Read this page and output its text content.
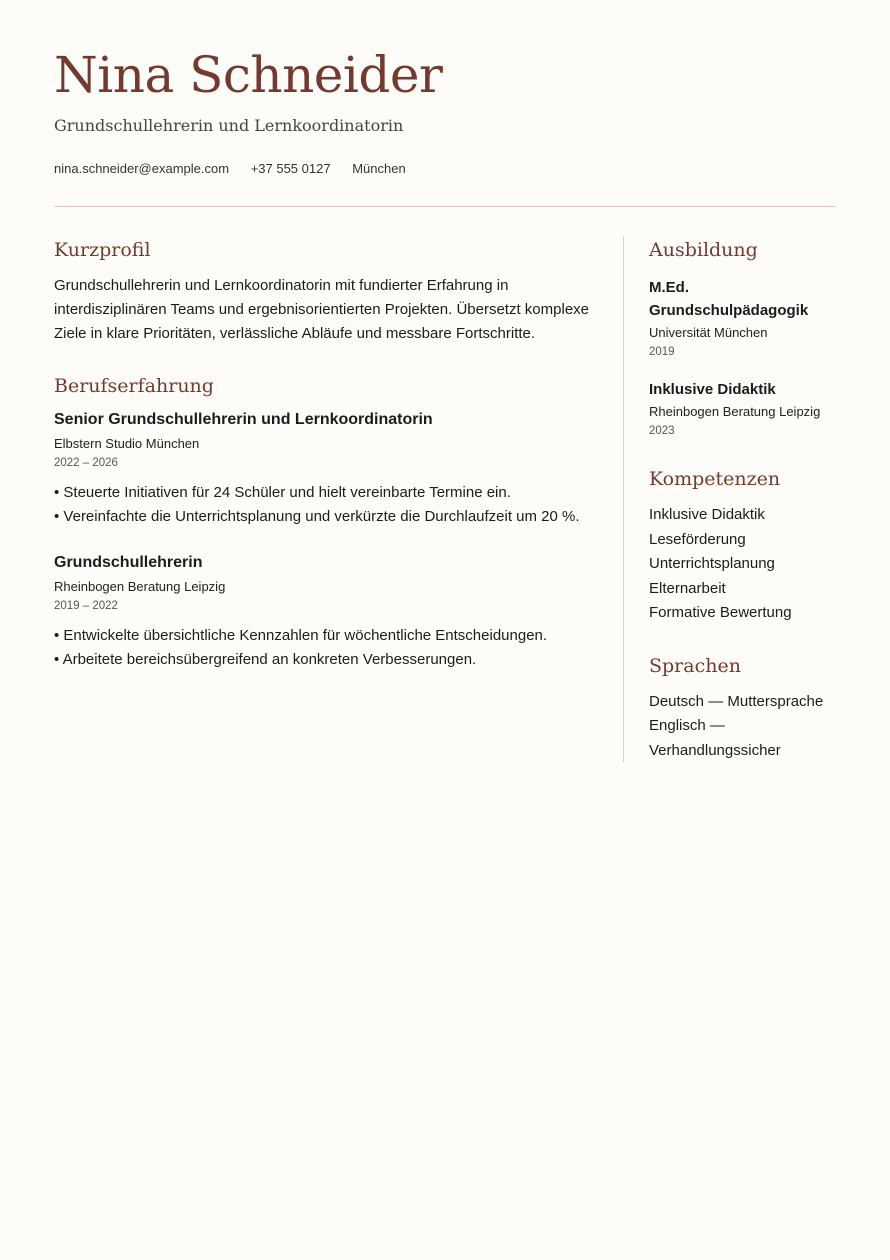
Nina Schneider
Grundschullehrerin und Lernkoordinatorin
nina.schneider@example.com +37 555 0127 München
Kurzprofil

Grundschullehrerin und Lernkoordinatorin mit fundierter Erfahrung in interdisziplinären Teams und ergebnisorientierten Projekten. Übersetzt komplexe Ziele in klare Prioritäten, verlässliche Abläufe und messbare Fortschritte.

Berufserfahrung
Senior Grundschullehrerin und Lernkoordinatorin
Elbstern Studio München
2022 – 2026
• Steuerte Initiativen für 24 Schüler und hielt vereinbarte Termine ein.
• Vereinfachte die Unterrichtsplanung und verkürzte die Durchlaufzeit um 20 %.
Grundschullehrerin
Rheinbogen Beratung Leipzig
2019 – 2022
• Entwickelte übersichtliche Kennzahlen für wöchentliche Entscheidungen.
• Arbeitete bereichsübergreifend an konkreten Verbesserungen.
Ausbildung
M.Ed. Grundschulpädagogik
Universität München
2019
Inklusive Didaktik
Rheinbogen Beratung Leipzig
2023
Kompetenzen
Inklusive Didaktik
Leseförderung
Unterrichtsplanung
Elternarbeit
Formative Bewertung
Sprachen
Deutsch — Muttersprache
Englisch — Verhandlungssicher
